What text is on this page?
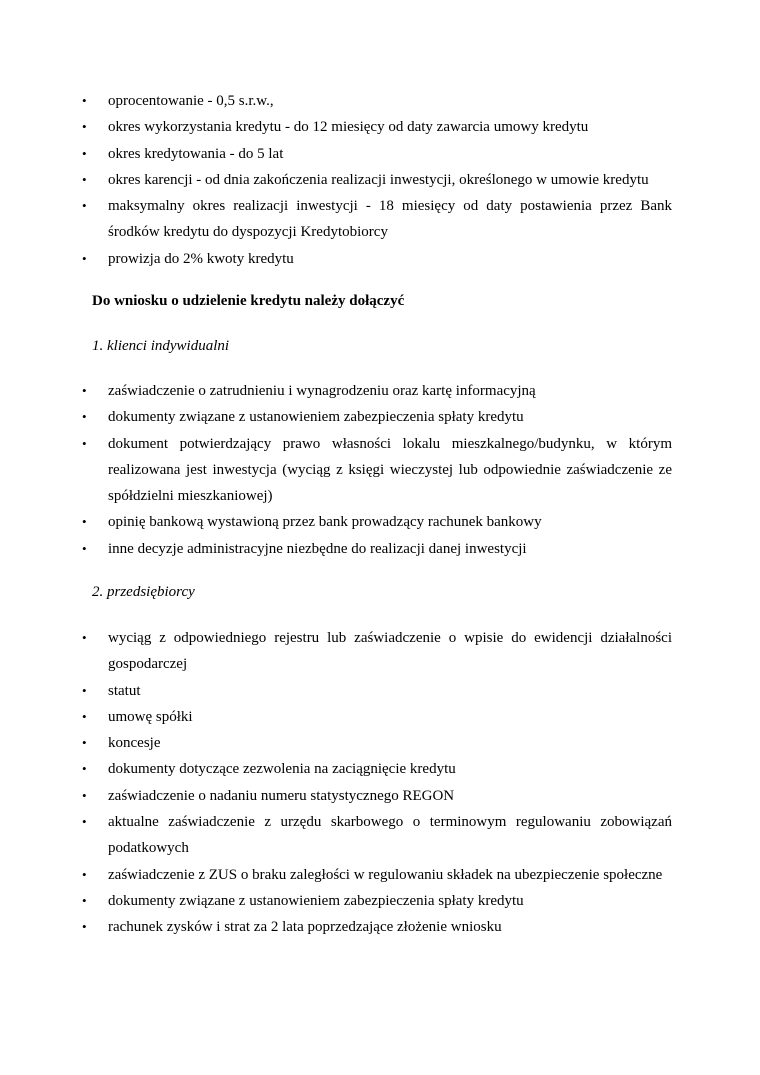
• oprocentowanie - 0,5 s.r.w.,
• okres wykorzystania kredytu - do 12 miesięcy od daty zawarcia umowy kredytu
• okres kredytowania - do 5 lat
• okres karencji - od dnia zakończenia realizacji inwestycji, określonego w umowie kredytu
• maksymalny okres realizacji inwestycji - 18 miesięcy od daty postawienia przez Bank środków kredytu do dyspozycji Kredytobiorcy
• prowizja do 2% kwoty kredytu
Do wniosku o udzielenie kredytu należy dołączyć
1. klienci indywidualni
• zaświadczenie o zatrudnieniu i wynagrodzeniu oraz kartę informacyjną
• dokumenty związane z ustanowieniem zabezpieczenia spłaty kredytu
• dokument potwierdzający prawo własności lokalu mieszkalnego/budynku, w którym realizowana jest inwestycja (wyciąg z księgi wieczystej lub odpowiednie zaświadczenie ze spółdzielni mieszkaniowej)
• opinię bankową wystawioną przez bank prowadzący rachunek bankowy
• inne decyzje administracyjne niezbędne do realizacji danej inwestycji
2. przedsiębiorcy
• wyciąg z odpowiedniego rejestru lub zaświadczenie o wpisie do ewidencji działalności gospodarczej
• statut
• umowę spółki
• koncesje
• dokumenty dotyczące zezwolenia na zaciągnięcie kredytu
• zaświadczenie o nadaniu numeru statystycznego REGON
• aktualne zaświadczenie z urzędu skarbowego o terminowym regulowaniu zobowiązań podatkowych
• zaświadczenie z ZUS o braku zaległości w regulowaniu składek na ubezpieczenie społeczne
• dokumenty związane z ustanowieniem zabezpieczenia spłaty kredytu
• rachunek zysków i strat za 2 lata poprzedzające złożenie wniosku
